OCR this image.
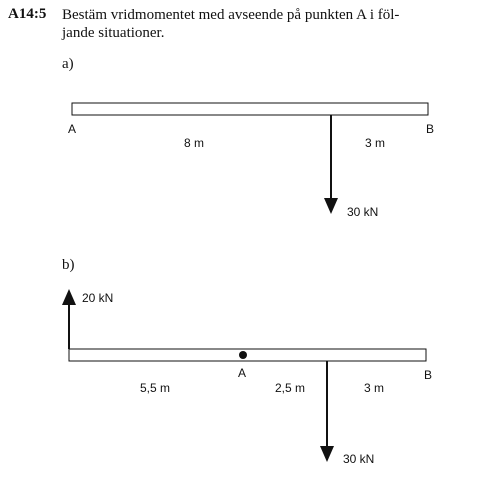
A14:5 Bestäm vridmomentet med avseende på punkten A i föl-
jande situationer.
a)
b)
A	B
8 m	3 m
30 kN
20 kN
A	B
5,5 m	2,5 m	3 m
30 kN
